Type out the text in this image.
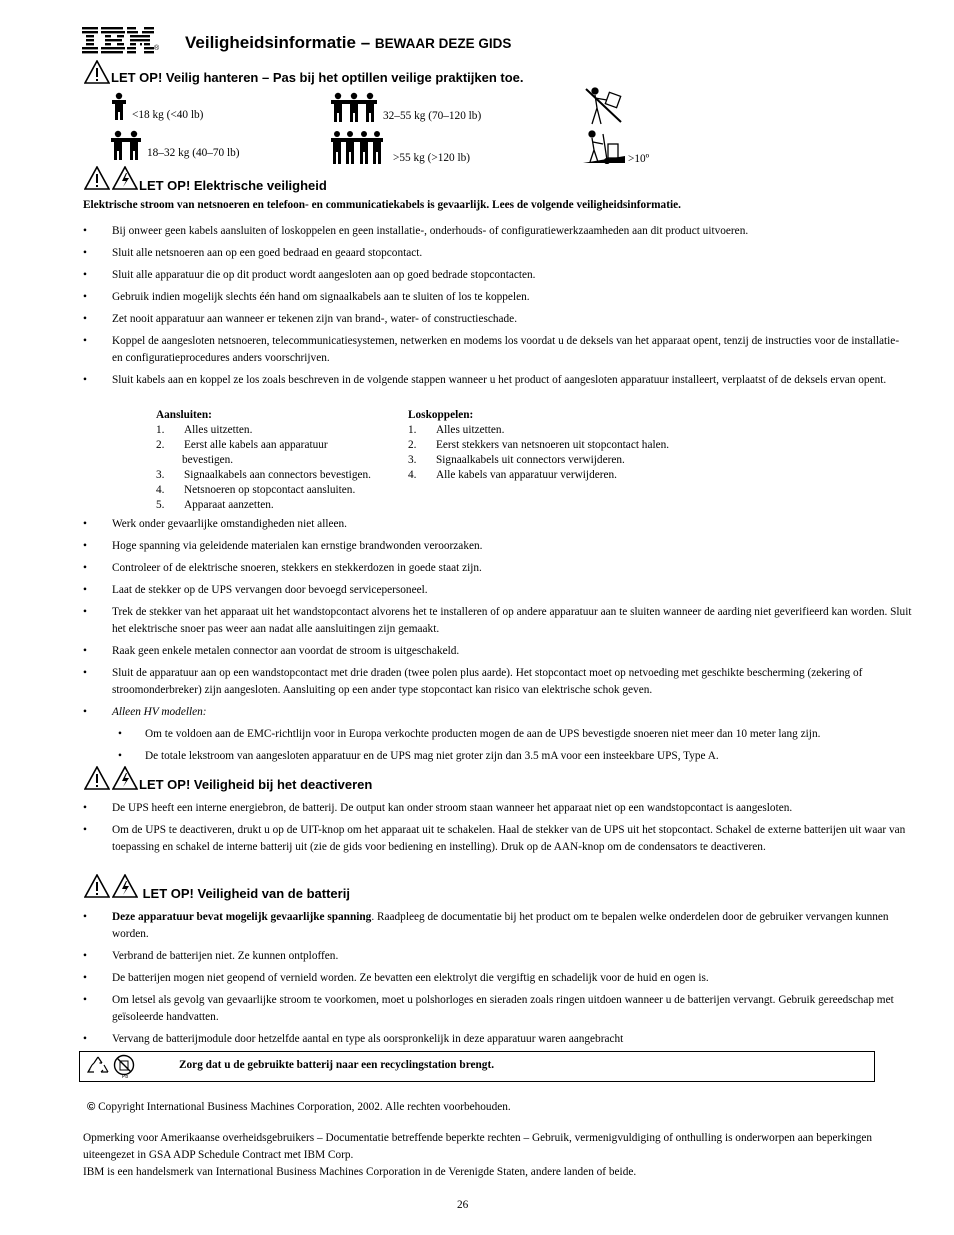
® Veiligheidsinformatie – BEWAAR DEZE GIDS
LET OP! Veilig hanteren – Pas bij het optillen veilige praktijken toe.
<18 kg (<40 lb)
18–32 kg (40–70 lb)
32–55 kg (70–120 lb)
>55 kg (>120 lb)	>10º
LET OP! Elektrische veiligheid
Elektrische stroom van netsnoeren en telefoon- en communicatiekabels is gevaarlijk. Lees de volgende veiligheidsinformatie.
• Bij onweer geen kabels aansluiten of loskoppelen en geen installatie-, onderhouds- of configuratiewerkzaamheden aan dit product uitvoeren.
• Sluit alle netsnoeren aan op een goed bedraad en geaard stopcontact.
• Sluit alle apparatuur die op dit product wordt aangesloten aan op goed bedrade stopcontacten.
• Gebruik indien mogelijk slechts één hand om signaalkabels aan te sluiten of los te koppelen.
• Zet nooit apparatuur aan wanneer er tekenen zijn van brand-, water- of constructieschade.
• Koppel de aangesloten netsnoeren, telecommunicatiesystemen, netwerken en modems los voordat u de deksels van het apparaat opent, tenzij de instructies voor de installatie- en configuratieprocedures anders voorschrijven.
• Sluit kabels aan en koppel ze los zoals beschreven in de volgende stappen wanneer u het product of aangesloten apparatuur installeert, verplaatst of de deksels ervan opent.
Aansluiten:
1. Alles uitzetten.
2. Eerst alle kabels aan apparatuur
bevestigen.
3. Signaalkabels aan connectors bevestigen.
4. Netsnoeren op stopcontact aansluiten.
5. Apparaat aanzetten.
Loskoppelen:
1. Alles uitzetten.
2. Eerst stekkers van netsnoeren uit stopcontact halen.
3. Signaalkabels uit connectors verwijderen.
4. Alle kabels van apparatuur verwijderen.
• Werk onder gevaarlijke omstandigheden niet alleen.
• Hoge spanning via geleidende materialen kan ernstige brandwonden veroorzaken.
• Controleer of de elektrische snoeren, stekkers en stekkerdozen in goede staat zijn.
• Laat de stekker op de UPS vervangen door bevoegd servicepersoneel.
• Trek de stekker van het apparaat uit het wandstopcontact alvorens het te installeren of op andere apparatuur aan te sluiten wanneer de aarding niet geverifieerd kan worden. Sluit het elektrische snoer pas weer aan nadat alle aansluitingen zijn gemaakt.
• Raak geen enkele metalen connector aan voordat de stroom is uitgeschakeld.
• Sluit de apparatuur aan op een wandstopcontact met drie draden (twee polen plus aarde). Het stopcontact moet op netvoeding met geschikte bescherming (zekering of stroomonderbreker) zijn aangesloten. Aansluiting op een ander type stopcontact kan risico van elektrische schok geven.
• Alleen HV modellen:
• Om te voldoen aan de EMC-richtlijn voor in Europa verkochte producten mogen de aan de UPS bevestigde snoeren niet meer dan 10 meter lang zijn.
• De totale lekstroom van aangesloten apparatuur en de UPS mag niet groter zijn dan 3.5 mA voor een insteekbare UPS, Type A.
LET OP! Veiligheid bij het deactiveren
• De UPS heeft een interne energiebron, de batterij. De output kan onder stroom staan wanneer het apparaat niet op een wandstopcontact is aangesloten.
• Om de UPS te deactiveren, drukt u op de UIT-knop om het apparaat uit te schakelen. Haal de stekker van de UPS uit het stopcontact. Schakel de externe batterijen uit waar van toepassing en schakel de interne batterij uit (zie de gids voor bediening en instelling). Druk op de AAN-knop om de condensators te deactiveren.
LET OP! Veiligheid van de batterij
• Deze apparatuur bevat mogelijk gevaarlijke spanning. Raadpleeg de documentatie bij het product om te bepalen welke onderdelen door de gebruiker vervangen kunnen worden.
• Verbrand de batterijen niet. Ze kunnen ontploffen.
• De batterijen mogen niet geopend of vernield worden. Ze bevatten een elektrolyt die vergiftig en schadelijk voor de huid en ogen is.
• Om letsel als gevolg van gevaarlijke stroom te voorkomen, moet u polshorloges en sieraden zoals ringen uitdoen wanneer u de batterijen vervangt. Gebruik gereedschap met geïsoleerde handvatten.
• Vervang de batterijmodule door hetzelfde aantal en type als oorspronkelijk in deze apparatuur waren aangebracht
Pb
Zorg dat u de gebruikte batterij naar een recyclingstation brengt.
© Copyright International Business Machines Corporation, 2002. Alle rechten voorbehouden.
Opmerking voor Amerikaanse overheidsgebruikers – Documentatie betreffende beperkte rechten – Gebruik, vermenigvuldiging of onthulling is onderworpen aan beperkingen uiteengezet in GSA ADP Schedule Contract met IBM Corp.
IBM is een handelsmerk van International Business Machines Corporation in de Verenigde Staten, andere landen of beide.
26
